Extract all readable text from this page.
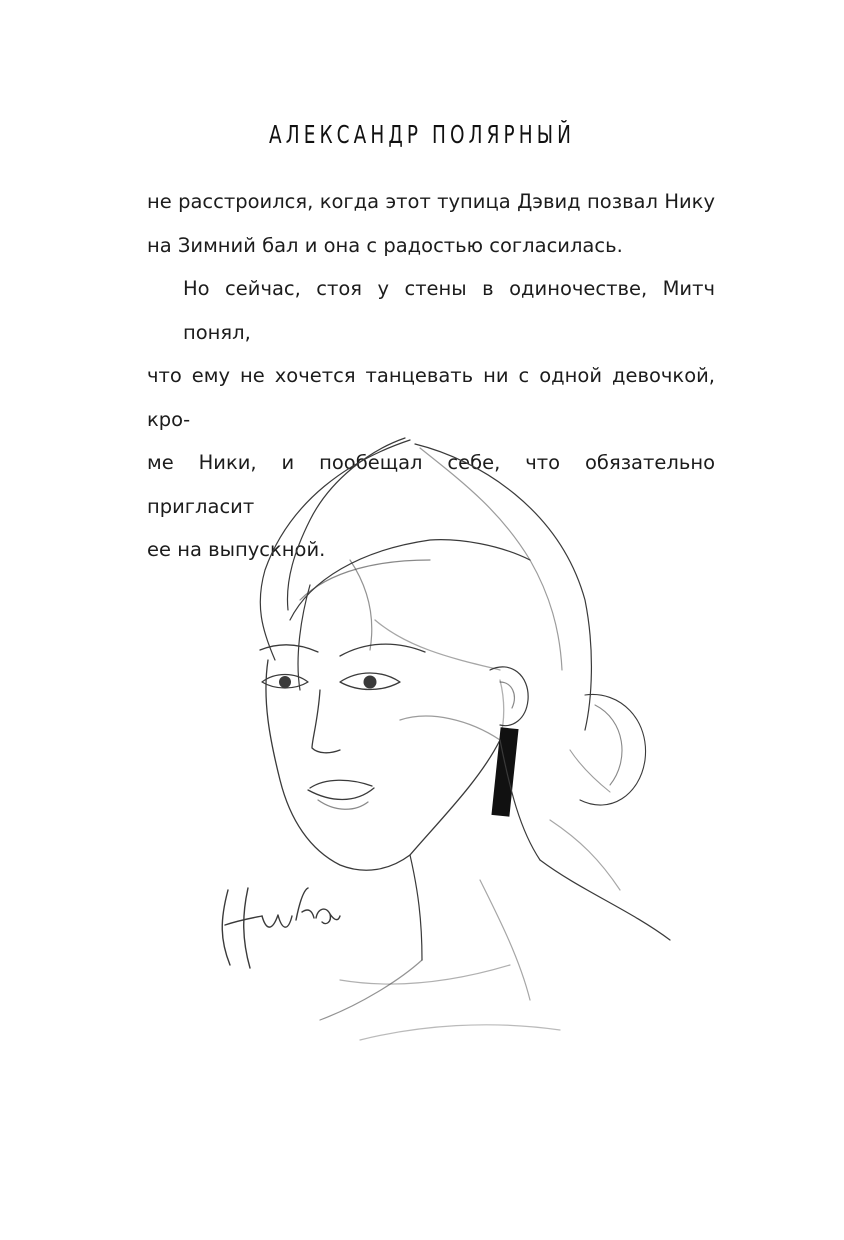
АЛЕКСАНДР ПОЛЯРНЫЙ

не расстроился, когда этот тупица Дэвид позвал Нику
на Зимний бал и она с радостью согласилась.

Но сейчас, стоя у стены в одиночестве, Митч понял,
что ему не хочется танцевать ни с одной девочкой, кро-
ме Ники, и пообещал себе, что обязательно пригласит
ее на выпускной.
